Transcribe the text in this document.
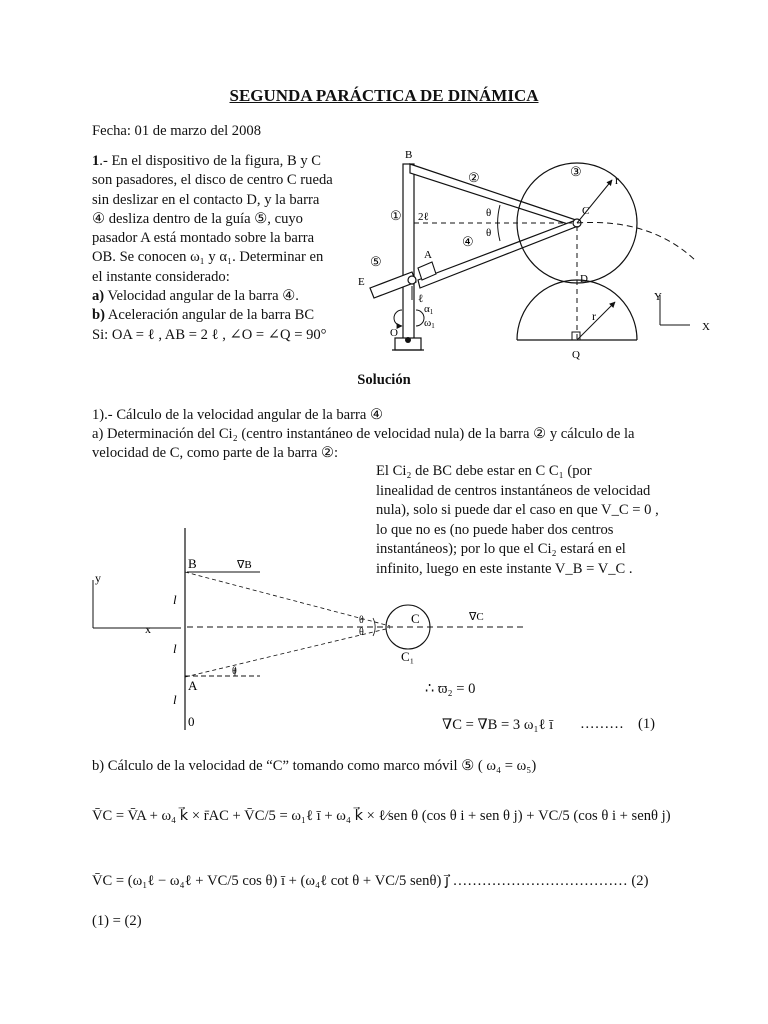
SEGUNDA PARÁCTICA DE DINÁMICA
Fecha: 01 de marzo del 2008
1.- En el dispositivo de la figura, B y C
son pasadores, el disco de centro C rueda
sin deslizar en el contacto D, y la barra
④ desliza dentro de la guía ⑤, cuyo
pasador A está montado sobre la barra
OB. Se conocen ω₁ y α₁. Determinar en
el instante considerado:
a) Velocidad angular de la barra ④.
b) Aceleración angular de la barra BC
Si: OA = ℓ , AB = 2 ℓ , ∠O = ∠Q = 90°
B
C
D
A
E
O
Q
Y
X
r
r
①
②	③
④
⑤
2ℓ
ℓ
θ
θ
α1
ω1
Solución
1).- Cálculo de la velocidad angular de la barra ④
a) Determinación del Ci₂ (centro instantáneo de velocidad nula) de la barra ② y cálculo de la
velocidad de C, como parte de la barra ②:
El Ci₂ de BC debe estar en C C₁ (por
linealidad de centros instantáneos de velocidad
nula), solo si puede dar el caso en que V_C = 0 ,
lo que no es (no puede haber dos centros
instantáneos); por lo que el Ci₂ estará en el
infinito, luego en este instante V_B = V_C .
B	∇B
y
x
l
l
l
A
0
C
C₁
∇C
θ
θ
θ
∴ ϖ₂ = 0
∇C = ∇B = 3 ω₁ℓ ī ……… (1)
b) Cálculo de la velocidad de “C” tomando como marco móvil ⑤ ( ω₄ = ω₅)
V̄C = V̄A + ω₄ k⃗ × r̄AC + V̄C/5 = ω₁ℓ ī + ω₄ k⃗ × ℓ⁄sen θ (cos θ i + sen θ j) + VC/5 (cos θ i + senθ j)
V̄C = (ω₁ℓ − ω₄ℓ + VC/5 cos θ) ī + (ω₄ℓ cot θ + VC/5 senθ) j⃗ ……………………………… (2)
(1) = (2)
